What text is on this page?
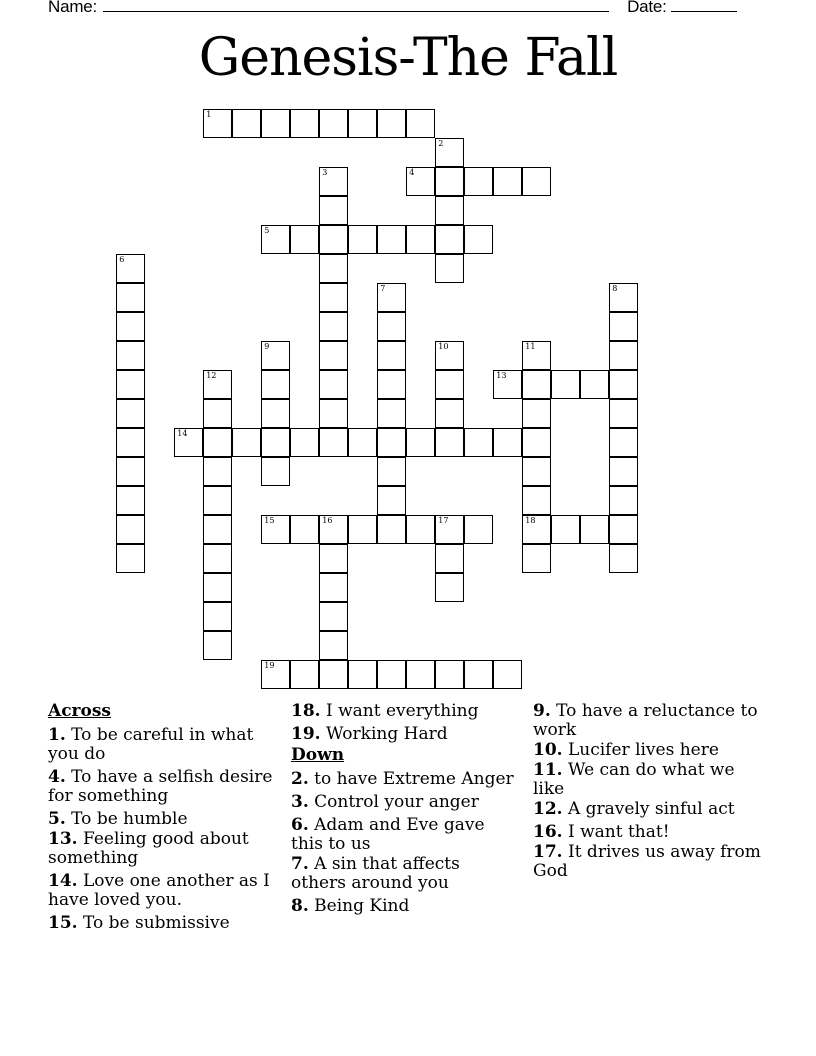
Name:	Date:
Genesis-The Fall
1
2
3	4
5
6
7	8
9	10	11
18
12	13
14
15	16	17
19
Across
1. To be careful in what you do
4. To have a selfish desire for something
5. To be humble
13. Feeling good about something
14. Love one another as I have loved you.
15. To be submissive
18. I want everything
19. Working Hard
Down
2. to have Extreme Anger
3. Control your anger
6. Adam and Eve gave this to us
7. A sin that affects others around you
8. Being Kind
9. To have a reluctance to work
10. Lucifer lives here
11. We can do what we like
12. A gravely sinful act
16. I want that!
17. It drives us away from God
